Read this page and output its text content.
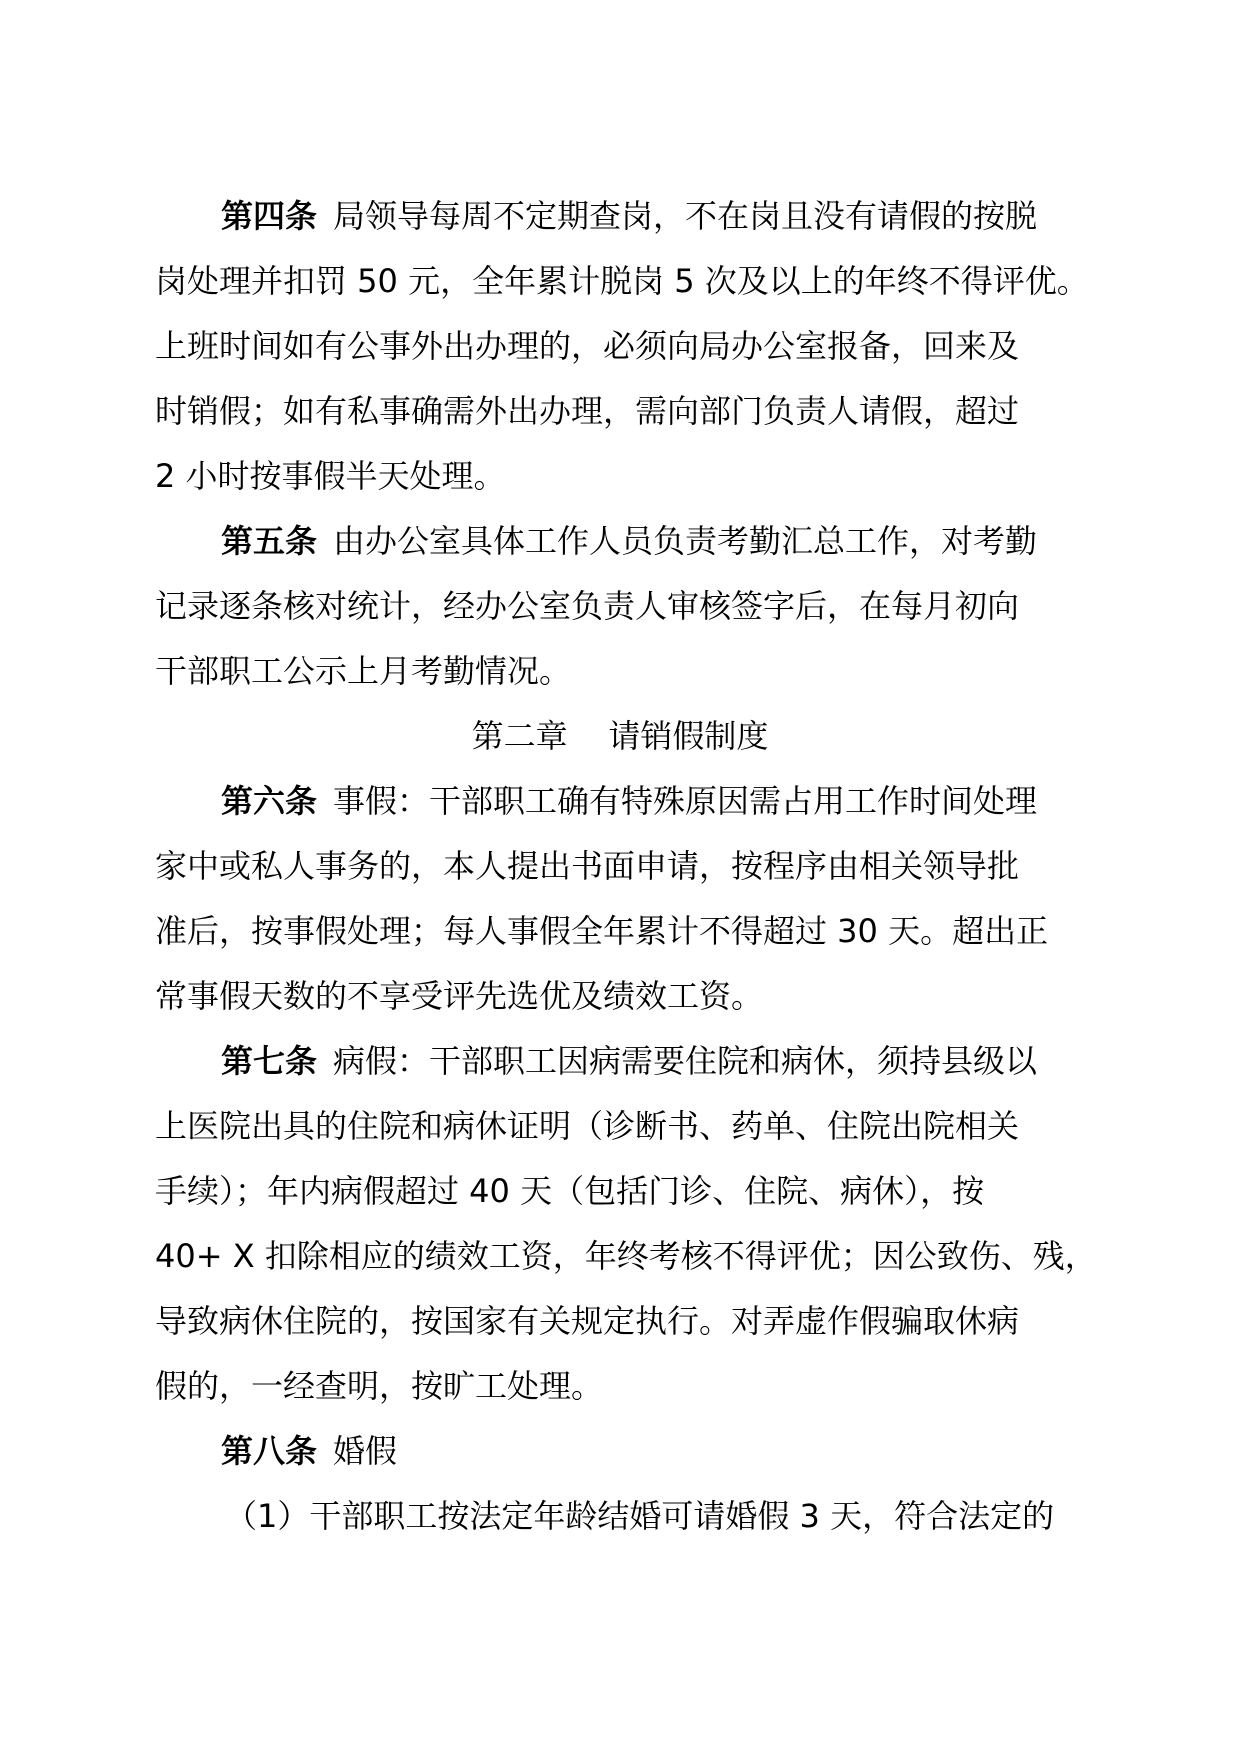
第四条 局领导每周不定期查岗，不在岗且没有请假的按脱
岗处理并扣罚 50 元，全年累计脱岗 5 次及以上的年终不得评优。
上班时间如有公事外出办理的，必须向局办公室报备，回来及
时销假；如有私事确需外出办理，需向部门负责人请假，超过
2 小时按事假半天处理。
第五条 由办公室具体工作人员负责考勤汇总工作，对考勤
记录逐条核对统计，经办公室负责人审核签字后，在每月初向
干部职工公示上月考勤情况。
第二章    请销假制度
第六条 事假：干部职工确有特殊原因需占用工作时间处理
家中或私人事务的，本人提出书面申请，按程序由相关领导批
准后，按事假处理；每人事假全年累计不得超过 30 天。超出正
常事假天数的不享受评先选优及绩效工资。
第七条 病假：干部职工因病需要住院和病休，须持县级以
上医院出具的住院和病休证明（诊断书、药单、住院出院相关
手续）；年内病假超过 40 天（包括门诊、住院、病休），按
40+ X 扣除相应的绩效工资，年终考核不得评优；因公致伤、残，
导致病休住院的，按国家有关规定执行。对弄虚作假骗取休病
假的，一经查明，按旷工处理。
第八条 婚假
（1）干部职工按法定年龄结婚可请婚假 3 天，符合法定的
